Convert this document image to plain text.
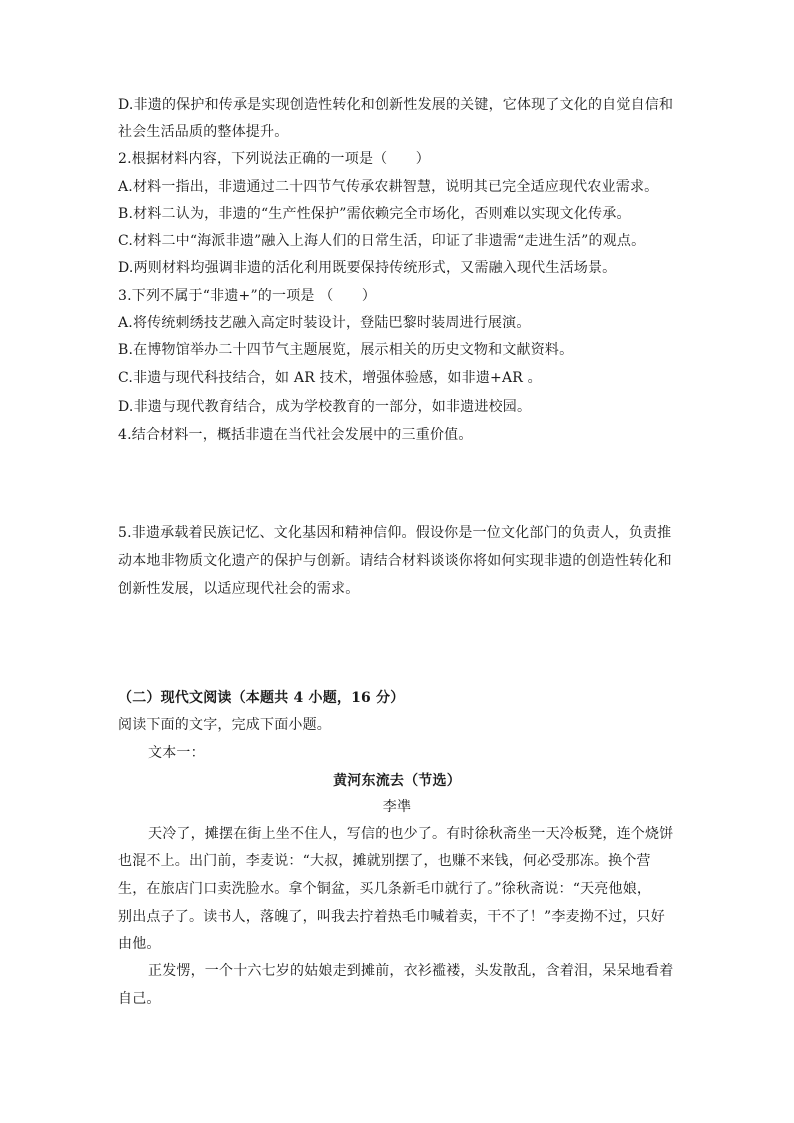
D.非遗的保护和传承是实现创造性转化和创新性发展的关键，它体现了文化的自觉自信和
社会生活品质的整体提升。
2.根据材料内容，下列说法正确的一项是（　　）
A.材料一指出，非遗通过二十四节气传承农耕智慧，说明其已完全适应现代农业需求。
B.材料二认为，非遗的“生产性保护”需依赖完全市场化，否则难以实现文化传承。
C.材料二中“海派非遗”融入上海人们的日常生活，印证了非遗需“走进生活”的观点。
D.两则材料均强调非遗的活化利用既要保持传统形式，又需融入现代生活场景。
3.下列不属于“非遗+”的一项是 （　　）
A.将传统刺绣技艺融入高定时装设计，登陆巴黎时装周进行展演。
B.在博物馆举办二十四节气主题展览，展示相关的历史文物和文献资料。
C.非遗与现代科技结合，如 AR 技术，增强体验感，如非遗+AR 。
D.非遗与现代教育结合，成为学校教育的一部分，如非遗进校园。
4.结合材料一，概括非遗在当代社会发展中的三重价值。
5.非遗承载着民族记忆、文化基因和精神信仰。假设你是一位文化部门的负责人，负责推
动本地非物质文化遗产的保护与创新。请结合材料谈谈你将如何实现非遗的创造性转化和
创新性发展，以适应现代社会的需求。
（二）现代文阅读（本题共 4 小题，16 分）
阅读下面的文字，完成下面小题。
文本一：
黄河东流去（节选）
李凖
天冷了，摊摆在街上坐不住人，写信的也少了。有时徐秋斋坐一天冷板凳，连个烧饼
也混不上。出门前，李麦说：“大叔，摊就别摆了，也赚不来钱，何必受那冻。换个营
生，在旅店门口卖洗脸水。拿个铜盆，买几条新毛巾就行了。”徐秋斋说：“天亮他娘，
别出点子了。读书人，落魄了，叫我去拧着热毛巾喊着卖，干不了！”李麦拗不过，只好
由他。
正发愣，一个十六七岁的姑娘走到摊前，衣衫褴褛，头发散乱，含着泪，呆呆地看着
自己。
